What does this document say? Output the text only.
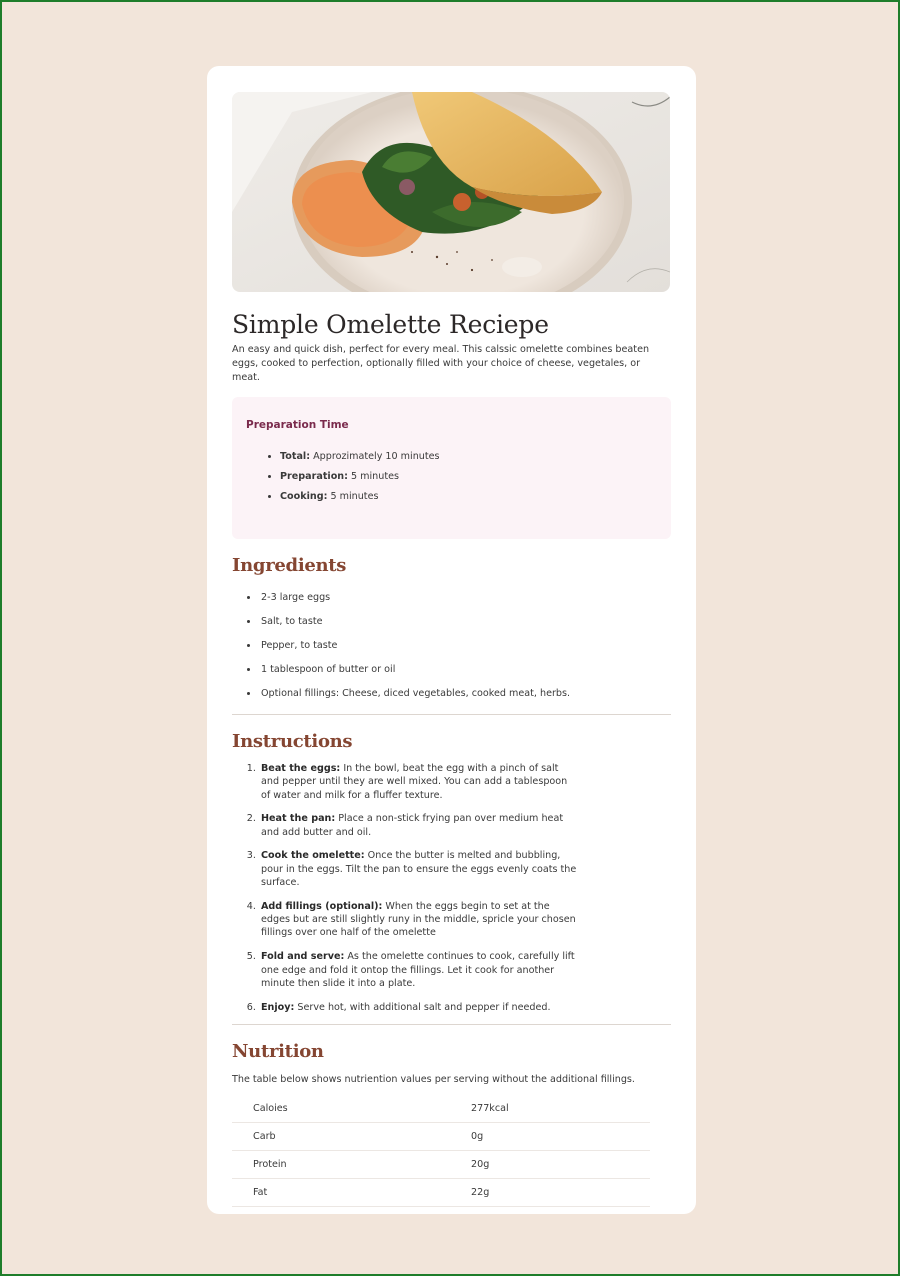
Simple Omelette Reciepe

An easy and quick dish, perfect for every meal. This calssic omelette combines beaten eggs, cooked to perfection, optionally filled with your choice of cheese, vegetales, or meat.

Preparation Time
• Total: Approzimately 10 minutes
• Preparation: 5 minutes
• Cooking: 5 minutes
Ingredients
• 2-3 large eggs
• Salt, to taste
• Pepper, to taste
• 1 tablespoon of butter or oil
• Optional fillings: Cheese, diced vegetables, cooked meat, herbs.
Instructions
1. Beat the eggs: In the bowl, beat the egg with a pinch of salt and pepper until they are well mixed. You can add a tablespoon of water and milk for a fluffer texture.
2. Heat the pan: Place a non-stick frying pan over medium heat and add butter and oil.
3. Cook the omelette: Once the butter is melted and bubbling, pour in the eggs. Tilt the pan to ensure the eggs evenly coats the surface.
4. Add fillings (optional): When the eggs begin to set at the edges but are still slightly runy in the middle, spricle your chosen fillings over one half of the omelette
5. Fold and serve: As the omelette continues to cook, carefully lift one edge and fold it ontop the fillings. Let it cook for another minute then slide it into a plate.
6. Enjoy: Serve hot, with additional salt and pepper if needed.
Nutrition

The table below shows nutriention values per serving without the additional fillings.

Caloies	277kcal
Carb	0g
Protein	20g
Fat	22g
